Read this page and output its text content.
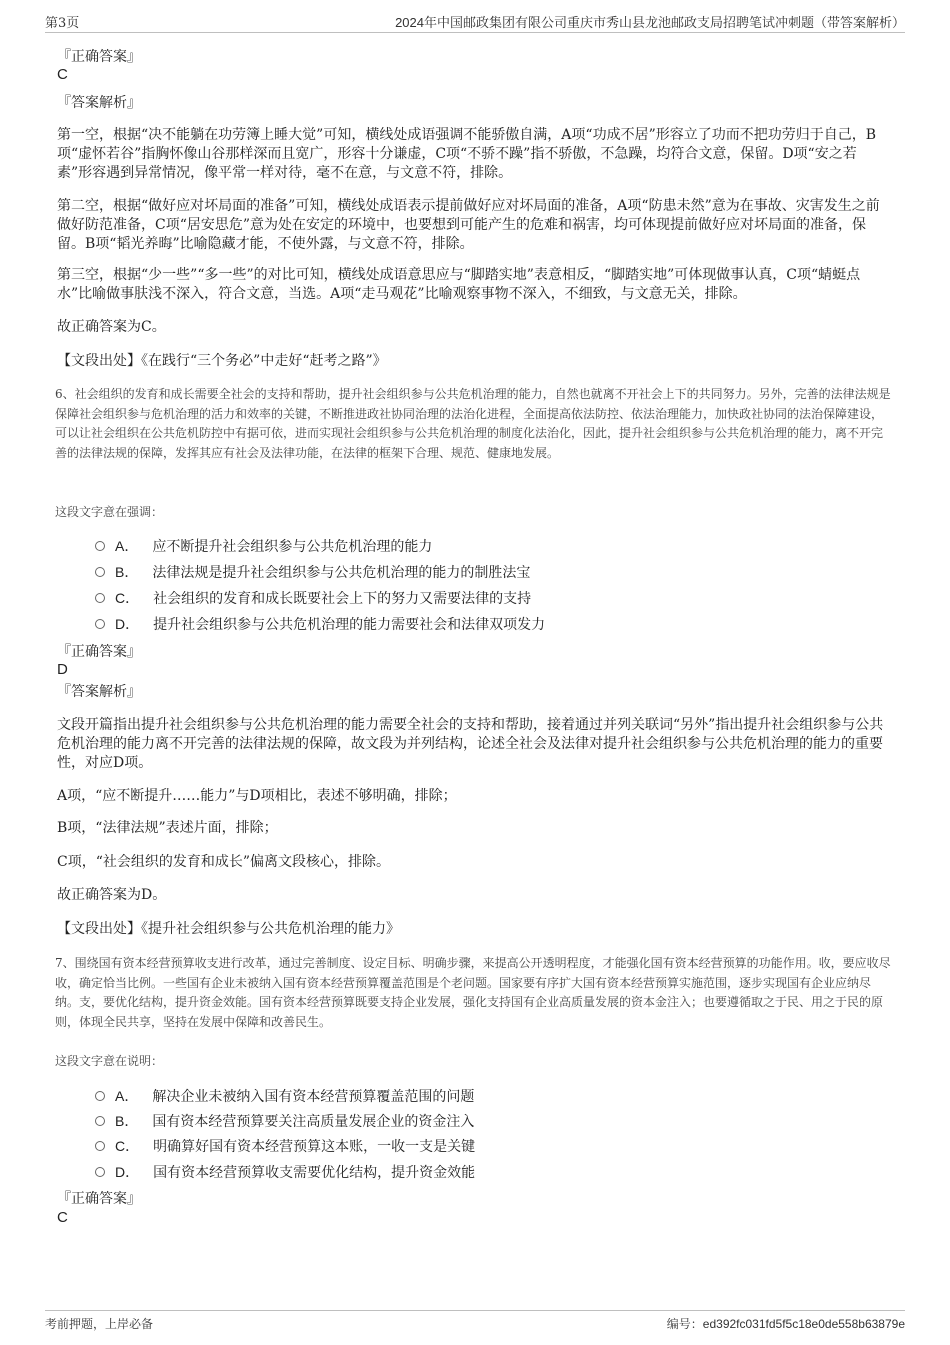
第3页	2024年中国邮政集团有限公司重庆市秀山县龙池邮政支局招聘笔试冲刺题（带答案解析）
『正确答案』
C
『答案解析』
第一空，根据“决不能躺在功劳簿上睡大觉”可知，横线处成语强调不能骄傲自满，A项“功成不居”形容立了功而不把功劳归于自己，B项“虚怀若谷”指胸怀像山谷那样深而且宽广，形容十分谦虚，C项“不骄不躁”指不骄傲，不急躁，均符合文意，保留。D项“安之若素”形容遇到异常情况，像平常一样对待，毫不在意，与文意不符，排除。
第二空，根据“做好应对坏局面的准备”可知，横线处成语表示提前做好应对坏局面的准备，A项“防患未然”意为在事故、灾害发生之前做好防范准备，C项“居安思危”意为处在安定的环境中，也要想到可能产生的危难和祸害，均可体现提前做好应对坏局面的准备，保留。B项“韬光养晦”比喻隐藏才能，不使外露，与文意不符，排除。
第三空，根据“少一些”“多一些”的对比可知，横线处成语意思应与“脚踏实地”表意相反，“脚踏实地”可体现做事认真，C项“蜻蜓点水”比喻做事肤浅不深入，符合文意，当选。A项“走马观花”比喻观察事物不深入，不细致，与文意无关，排除。
故正确答案为C。
【文段出处】《在践行“三个务必”中走好“赶考之路”》
6、社会组织的发育和成长需要全社会的支持和帮助，提升社会组织参与公共危机治理的能力，自然也就离不开社会上下的共同努力。另外，完善的法律法规是保障社会组织参与危机治理的活力和效率的关键，不断推进政社协同治理的法治化进程，全面提高依法防控、依法治理能力，加快政社协同的法治保障建设，可以让社会组织在公共危机防控中有据可依，进而实现社会组织参与公共危机治理的制度化法治化，因此，提升社会组织参与公共危机治理的能力，离不开完善的法律法规的保障，发挥其应有社会及法律功能，在法律的框架下合理、规范、健康地发展。
这段文字意在强调：
A． 应不断提升社会组织参与公共危机治理的能力
B． 法律法规是提升社会组织参与公共危机治理的能力的制胜法宝
C． 社会组织的发育和成长既要社会上下的努力又需要法律的支持
D． 提升社会组织参与公共危机治理的能力需要社会和法律双项发力
『正确答案』
D
『答案解析』
文段开篇指出提升社会组织参与公共危机治理的能力需要全社会的支持和帮助，接着通过并列关联词“另外”指出提升社会组织参与公共危机治理的能力离不开完善的法律法规的保障，故文段为并列结构，论述全社会及法律对提升社会组织参与公共危机治理的能力的重要性，对应D项。
A项，“应不断提升……能力”与D项相比，表述不够明确，排除；
B项，“法律法规”表述片面，排除；
C项，“社会组织的发育和成长”偏离文段核心，排除。
故正确答案为D。
【文段出处】《提升社会组织参与公共危机治理的能力》
7、围绕国有资本经营预算收支进行改革，通过完善制度、设定目标、明确步骤，来提高公开透明程度，才能强化国有资本经营预算的功能作用。收，要应收尽收，确定恰当比例。一些国有企业未被纳入国有资本经营预算覆盖范围是个老问题。国家要有序扩大国有资本经营预算实施范围，逐步实现国有企业应纳尽纳。支，要优化结构，提升资金效能。国有资本经营预算既要支持企业发展，强化支持国有企业高质量发展的资本金注入；也要遵循取之于民、用之于民的原则，体现全民共享，坚持在发展中保障和改善民生。
这段文字意在说明：
A． 解决企业未被纳入国有资本经营预算覆盖范围的问题
B． 国有资本经营预算要关注高质量发展企业的资金注入
C． 明确算好国有资本经营预算这本账，一收一支是关键
D． 国有资本经营预算收支需要优化结构，提升资金效能
『正确答案』
C
考前押题，上岸必备	编号：ed392fc031fd5f5c18e0de558b63879e
